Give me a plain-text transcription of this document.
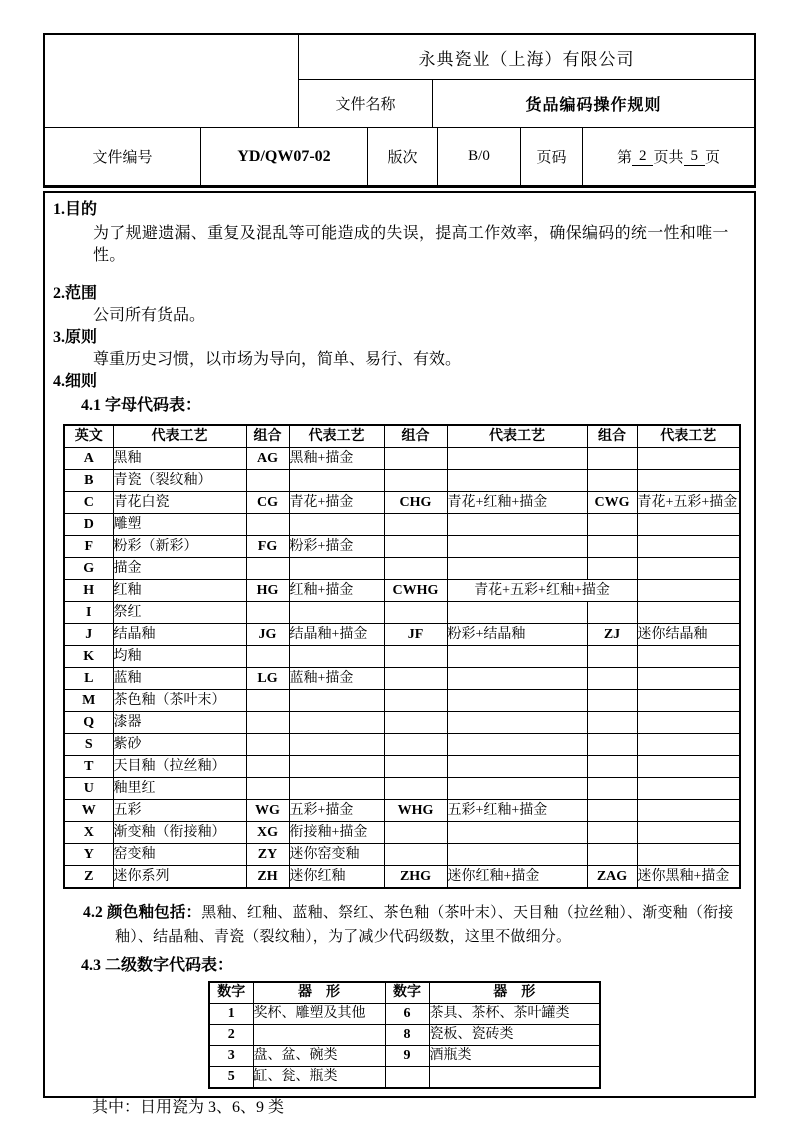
永典瓷业（上海）有限公司
文件名称	货品编码操作规则
文件编号	YD/QW07-02	版次	B/0	页码	第 2 页共 5 页
1.目的
为了规避遗漏、重复及混乱等可能造成的失误，提高工作效率，确保编码的统一性和唯一性。
2.范围
公司所有货品。
3.原则
尊重历史习惯，以市场为导向，简单、易行、有效。
4.细则
4.1 字母代码表：
英文	代表工艺	组合	代表工艺	组合	代表工艺	组合	代表工艺
A	黑釉	AG	黑釉+描金				
B	青瓷（裂纹釉）						
C	青花白瓷	CG	青花+描金	CHG	青花+红釉+描金	CWG	青花+五彩+描金
D	雕塑						
F	粉彩（新彩）	FG	粉彩+描金				
G	描金						
H	红釉	HG	红釉+描金	CWHG	青花+五彩+红釉+描金		
I	祭红						
J	结晶釉	JG	结晶釉+描金	JF	粉彩+结晶釉	ZJ	迷你结晶釉
K	均釉						
L	蓝釉	LG	蓝釉+描金				
M	茶色釉（茶叶末）						
Q	漆器						
S	紫砂						
T	天目釉（拉丝釉）						
U	釉里红						
W	五彩	WG	五彩+描金	WHG	五彩+红釉+描金		
X	渐变釉（衔接釉）	XG	衔接釉+描金				
Y	窑变釉	ZY	迷你窑变釉				
Z	迷你系列	ZH	迷你红釉	ZHG	迷你红釉+描金	ZAG	迷你黑釉+描金
4.2 颜色釉包括：黑釉、红釉、蓝釉、祭红、茶色釉（茶叶末）、天目釉（拉丝釉）、渐变釉（衔接釉）、结晶釉、青瓷（裂纹釉），为了减少代码级数，这里不做细分。
4.3 二级数字代码表：
数字	器　形	数字	器　形
1	奖杯、雕塑及其他	6	茶具、茶杯、茶叶罐类
2		8	瓷板、瓷砖类
3	盘、盆、碗类	9	酒瓶类
5	缸、瓮、瓶类		
其中：日用瓷为 3、6、9 类
